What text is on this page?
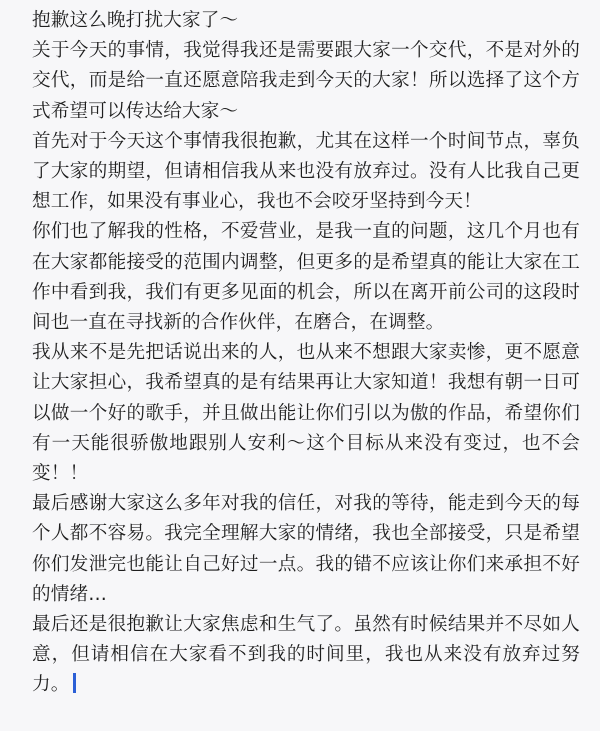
抱歉这么晚打扰大家了～

关于今天的事情，我觉得我还是需要跟大家一个交代，不是对外的交代，而是给一直还愿意陪我走到今天的大家！所以选择了这个方式希望可以传达给大家～

首先对于今天这个事情我很抱歉，尤其在这样一个时间节点，辜负了大家的期望，但请相信我从来也没有放弃过。没有人比我自己更想工作，如果没有事业心，我也不会咬牙坚持到今天！

你们也了解我的性格，不爱营业，是我一直的问题，这几个月也有在大家都能接受的范围内调整，但更多的是希望真的能让大家在工作中看到我，我们有更多见面的机会，所以在离开前公司的这段时间也一直在寻找新的合作伙伴，在磨合，在调整。

我从来不是先把话说出来的人，也从来不想跟大家卖惨，更不愿意让大家担心，我希望真的是有结果再让大家知道！我想有朝一日可以做一个好的歌手，并且做出能让你们引以为傲的作品，希望你们有一天能很骄傲地跟别人安利～这个目标从来没有变过，也不会变！！

最后感谢大家这么多年对我的信任，对我的等待，能走到今天的每个人都不容易。我完全理解大家的情绪，我也全部接受，只是希望你们发泄完也能让自己好过一点。我的错不应该让你们来承担不好的情绪…

最后还是很抱歉让大家焦虑和生气了。虽然有时候结果并不尽如人意，但请相信在大家看不到我的时间里，我也从来没有放弃过努力。
